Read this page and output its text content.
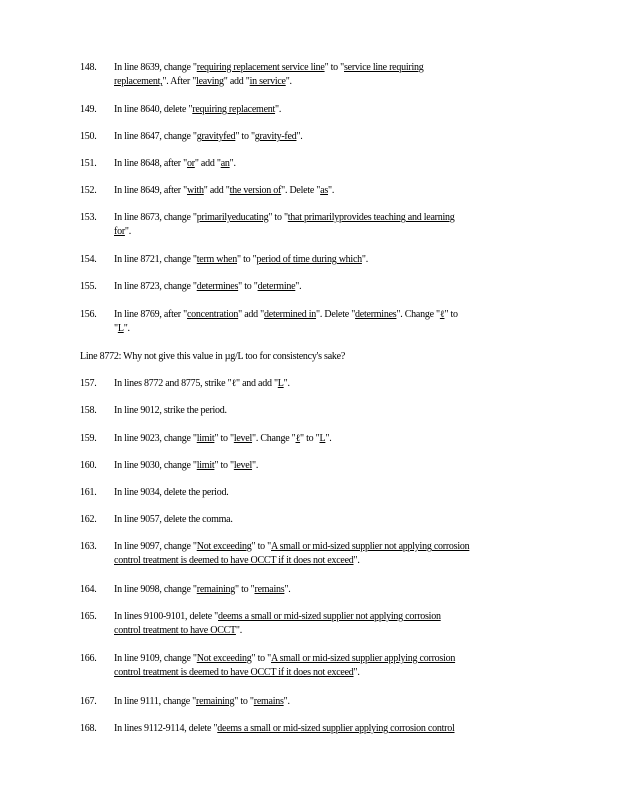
Line 8772: Why not give this value in µg/L too for consistency's sake?
148.	In line 8639, change "requiring replacement service line" to "service line requiring
replacement,". After "leaving" add "in service".
149.	In line 8640, delete "requiring replacement".
150.	In line 8647, change "gravityfed" to "gravity-fed".
151.	In line 8648, after "or" add "an".
152.	In line 8649, after "with" add "the version of". Delete "as".
153.	In line 8673, change "primarilyeducating" to "that primarilyprovides teaching and learning
for".
154.	In line 8721, change "term when" to "period of time during which".
155.	In line 8723, change "determines" to "determine".
156.	In line 8769, after "concentration" add "determined in". Delete "determines". Change "ℓ" to
"L".
157.	In lines 8772 and 8775, strike "ℓ" and add "L".
158.	In line 9012, strike the period.
159.	In line 9023, change "limit" to "level". Change "ℓ" to "L".
160.	In line 9030, change "limit" to "level".
161.	In line 9034, delete the period.
162.	In line 9057, delete the comma.
163.	In line 9097, change "Not exceeding" to "A small or mid-sized supplier not applying corrosion
control treatment is deemed to have OCCT if it does not exceed".
164.	In line 9098, change "remaining" to "remains".
165.	In lines 9100-9101, delete "deems a small or mid-sized supplier not applying corrosion
control treatment to have OCCT".
166.	In line 9109, change "Not exceeding" to "A small or mid-sized supplier applying corrosion
control treatment is deemed to have OCCT if it does not exceed".
167.	In line 9111, change "remaining" to "remains".
168.	In lines 9112-9114, delete "deems a small or mid-sized supplier applying corrosion control
